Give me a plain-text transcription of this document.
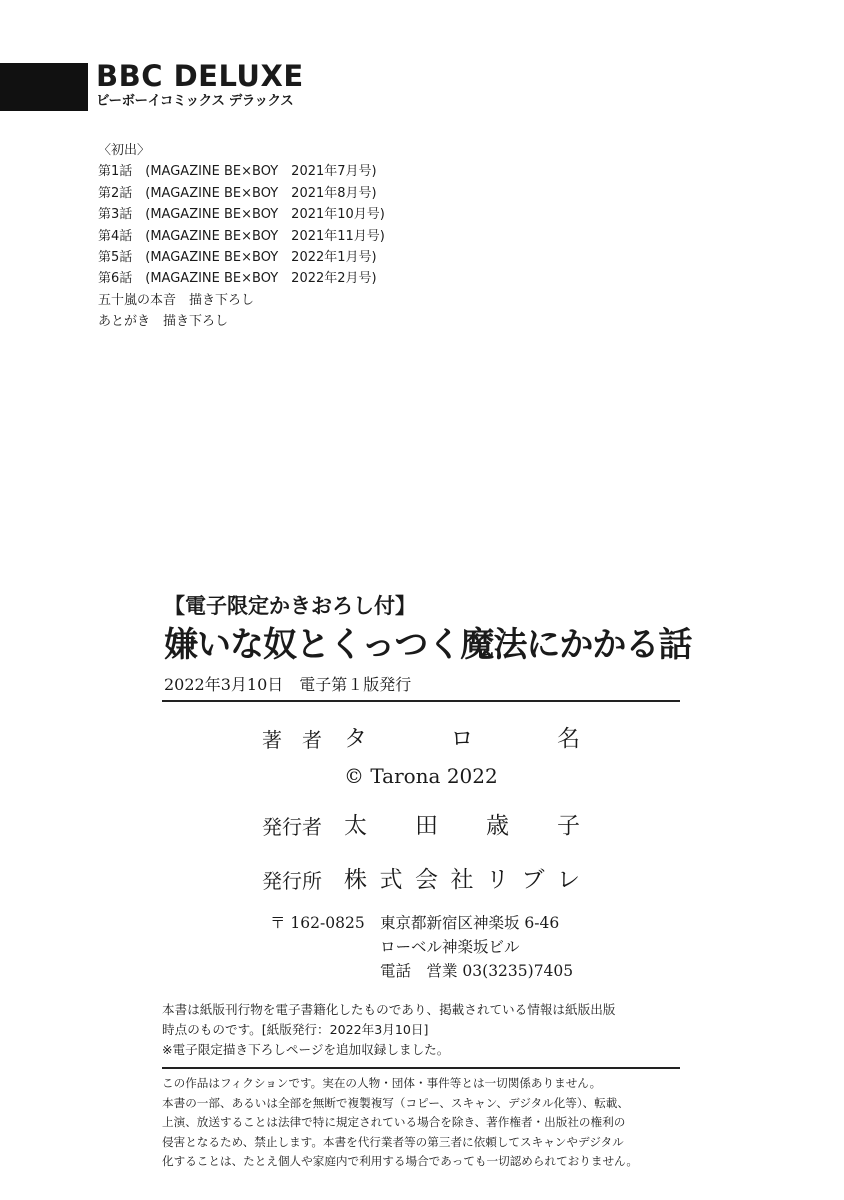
BBC DELUXE
ビーボーイコミックス デラックス
〈初出〉
第1話　(MAGAZINE BE×BOY　2021年7月号)
第2話　(MAGAZINE BE×BOY　2021年8月号)
第3話　(MAGAZINE BE×BOY　2021年10月号)
第4話　(MAGAZINE BE×BOY　2021年11月号)
第5話　(MAGAZINE BE×BOY　2022年1月号)
第6話　(MAGAZINE BE×BOY　2022年2月号)
五十嵐の本音　描き下ろし
あとがき　描き下ろし
【電子限定かきおろし付】
嫌いな奴とくっつく魔法にかかる話
2022年3月10日　電子第１版発行
著　者 タ	ロ	名
© Tarona 2022
発行者 太 田 歳 子
発行所 株 式 会 社 リ ブ レ
〒 162-0825 東京都新宿区神楽坂 6-46
ローベル神楽坂ビル
電話　営業 03(3235)7405
本書は紙版刊行物を電子書籍化したものであり、掲載されている情報は紙版出版
時点のものです。[紙版発行：2022年3月10日]
※電子限定描き下ろしページを追加収録しました。
この作品はフィクションです。実在の人物・団体・事件等とは一切関係ありません。
本書の一部、あるいは全部を無断で複製複写（コピー、スキャン、デジタル化等）、転載、
上演、放送することは法律で特に規定されている場合を除き、著作権者・出版社の権利の
侵害となるため、禁止します。本書を代行業者等の第三者に依頼してスキャンやデジタル
化することは、たとえ個人や家庭内で利用する場合であっても一切認められておりません。
